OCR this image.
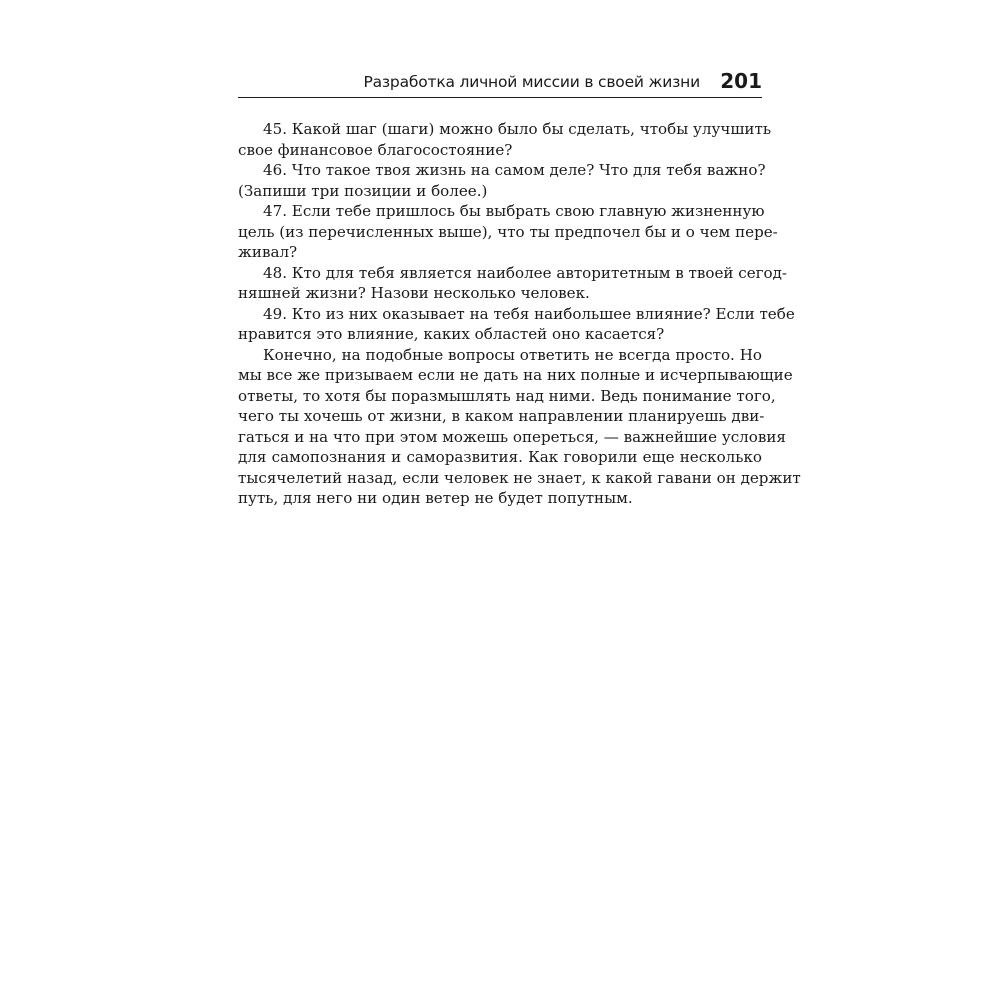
Разработка личной миссии в своей жизни 201
45. Какой шаг (шаги) можно было бы сделать, чтобы улучшить
свое финансовое благосостояние?
46. Что такое твоя жизнь на самом деле? Что для тебя важно?
(Запиши три позиции и более.)
47. Если тебе пришлось бы выбрать свою главную жизненную
цель (из перечисленных выше), что ты предпочел бы и о чем пере-
живал?
48. Кто для тебя является наиболее авторитетным в твоей сегод-
няшней жизни? Назови несколько человек.
49. Кто из них оказывает на тебя наибольшее влияние? Если тебе
нравится это влияние, каких областей оно касается?
Конечно, на подобные вопросы ответить не всегда просто. Но
мы все же призываем если не дать на них полные и исчерпывающие
ответы, то хотя бы поразмышлять над ними. Ведь понимание того,
чего ты хочешь от жизни, в каком направлении планируешь дви-
гаться и на что при этом можешь опереться, — важнейшие условия
для самопознания и саморазвития. Как говорили еще несколько
тысячелетий назад, если человек не знает, к какой гавани он держит
путь, для него ни один ветер не будет попутным.
